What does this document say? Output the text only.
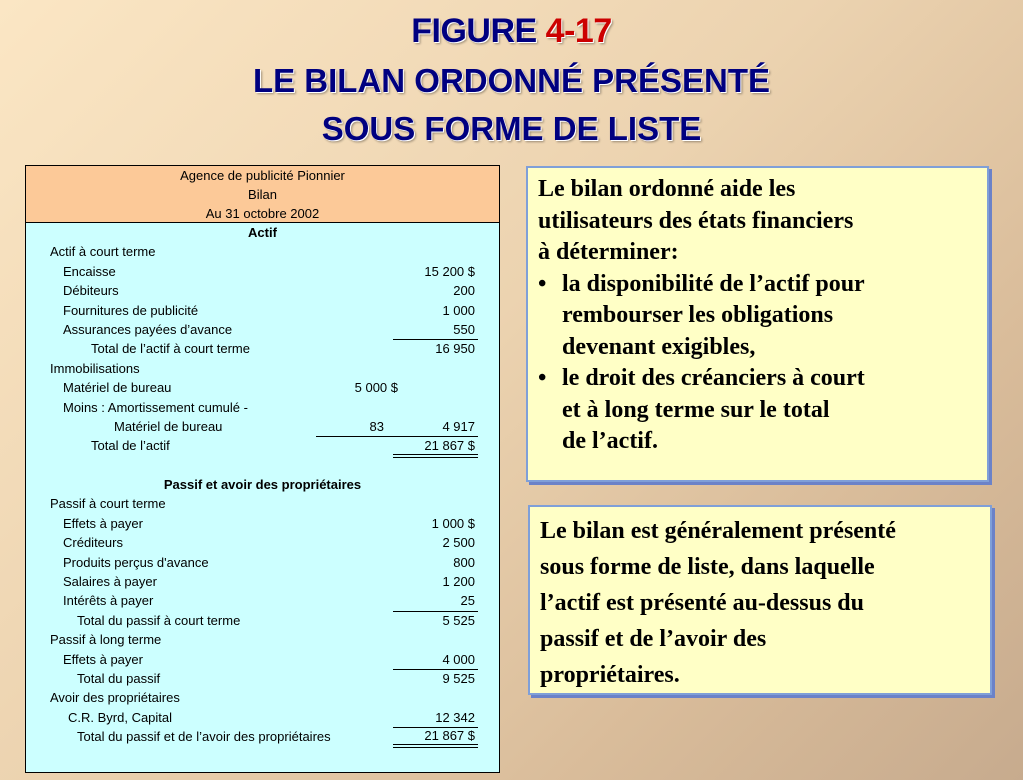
FIGURE 4-17
LE BILAN ORDONNÉ PRÉSENTÉ
SOUS FORME DE LISTE
Agence de publicité Pionnier
Bilan
Au 31 octobre 2002
Actif
Actif à court terme
Encaisse	15 200 $
Débiteurs	200
Fournitures de publicité	1 000
Assurances payées d’avance	550
Total de l’actif à court terme	16 950
Immobilisations
Matériel de bureau	5 000 $
Moins : Amortissement cumulé -
Matériel de bureau	83	4 917
Total de l’actif	21 867 $
Passif et avoir des propriétaires
Passif à court terme
Effets à payer	1 000 $
Créditeurs	2 500
Produits perçus d'avance	800
Salaires à payer	1 200
Intérêts à payer	25
Total du passif à court terme	5 525
Passif à long terme
Effets à payer	4 000
Total du passif	9 525
Avoir des propriétaires
C.R. Byrd, Capital	12 342
Total du passif et de l’avoir des propriétaires	21 867 $
Le bilan ordonné aide les
utilisateurs des états financiers
à déterminer:
• la disponibilité de l’actif pour
rembourser les obligations
devenant exigibles,
• le droit des créanciers à court
et à long terme sur le total
de l’actif.
Le bilan est généralement présenté
sous forme de liste, dans laquelle
l’actif est présenté au-dessus du
passif et de l’avoir des
propriétaires.
